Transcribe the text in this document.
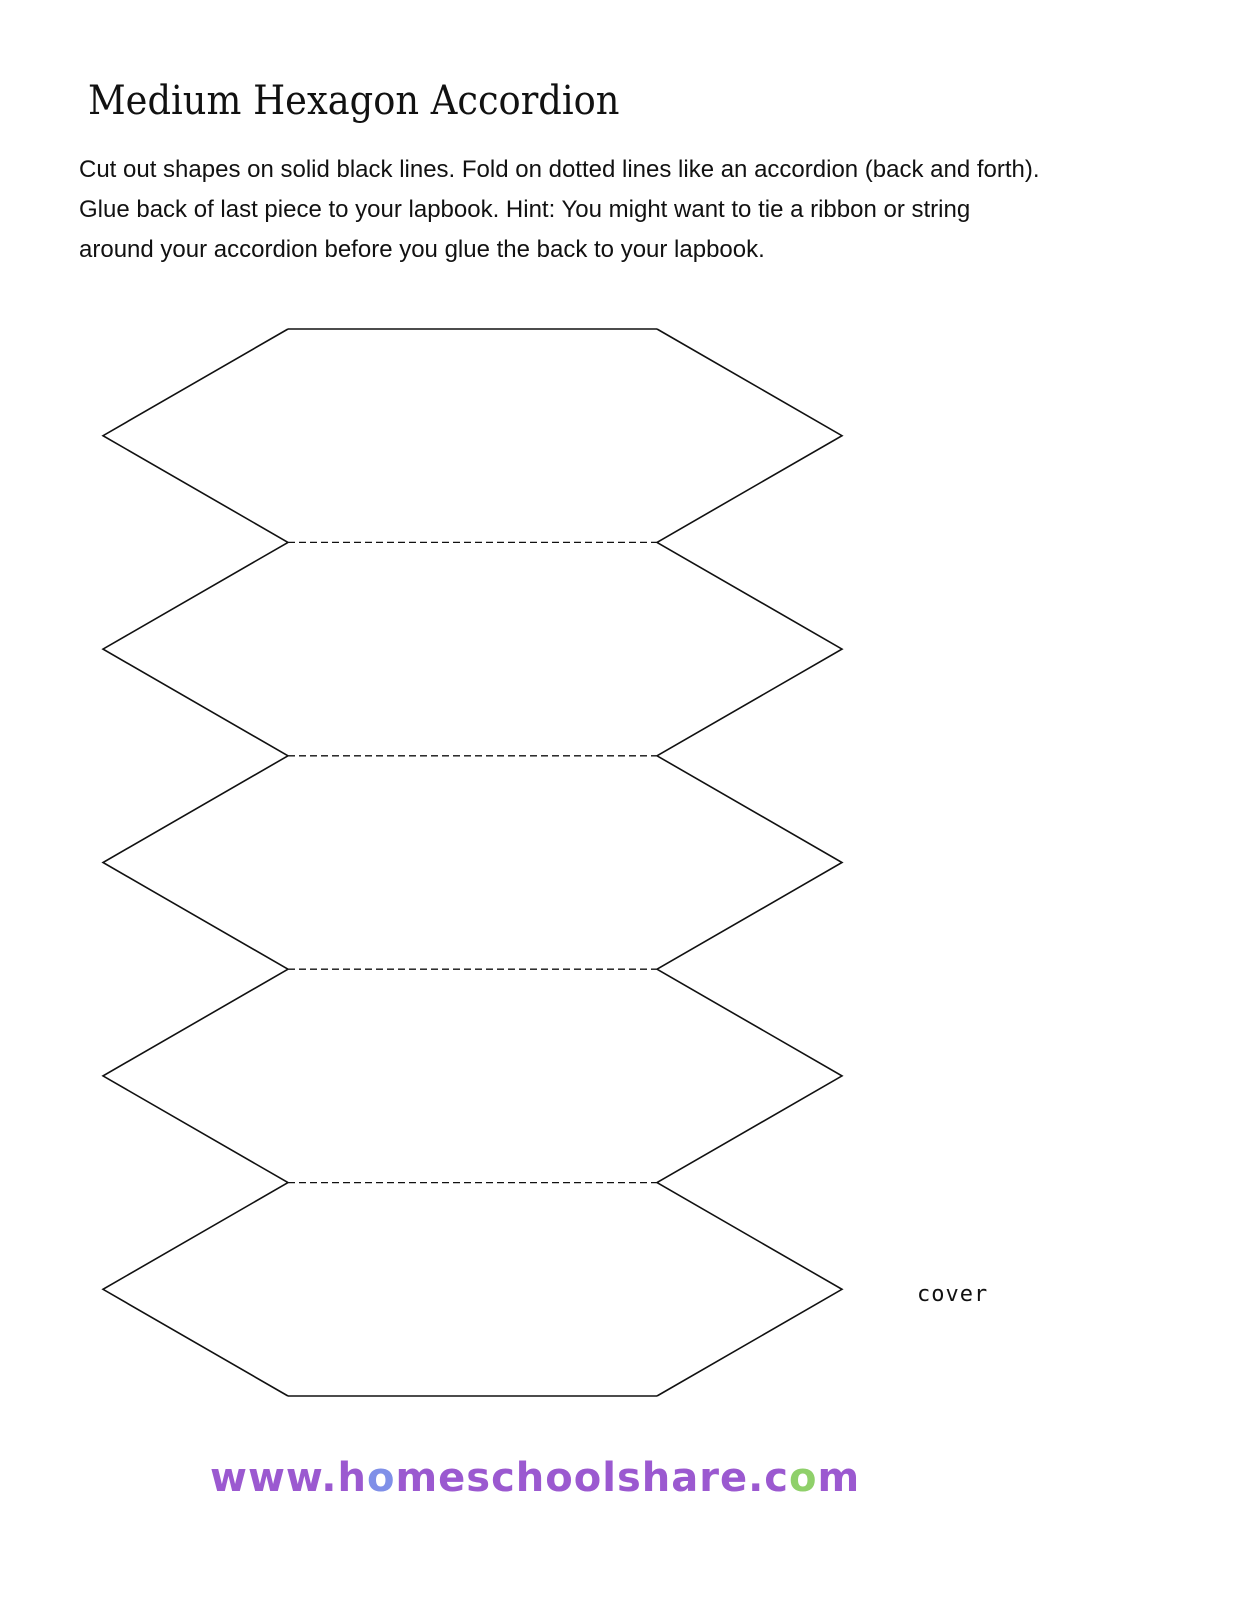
Medium Hexagon Accordion
Cut out shapes on solid black lines. Fold on dotted lines like an accordion (back and forth).
Glue back of last piece to your lapbook. Hint: You might want to tie a ribbon or string
around your accordion before you glue the back to your lapbook.
cover
www.homeschoolshare.com
